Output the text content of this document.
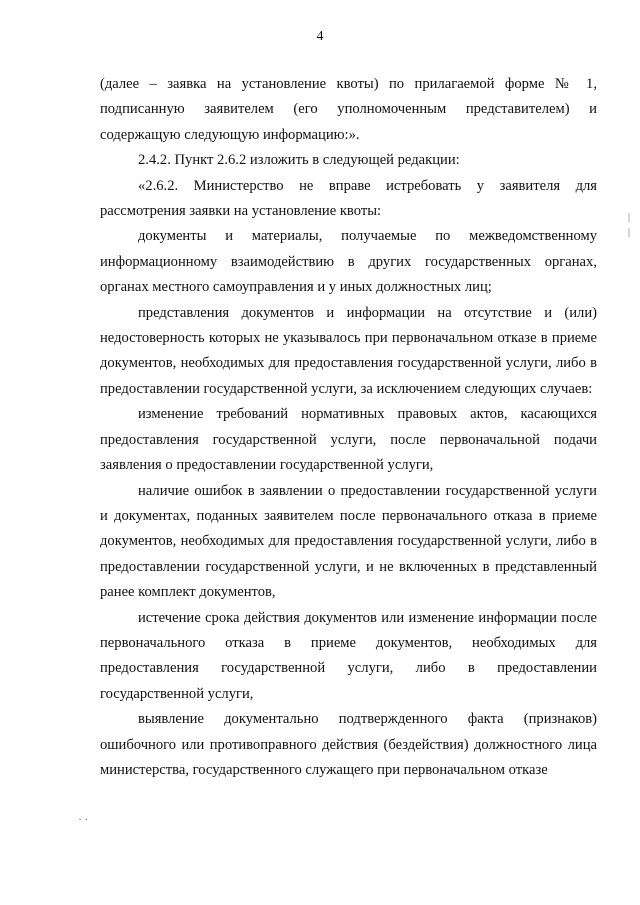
4

(далее – заявка на установление квоты) по прилагаемой форме № 1, подписанную заявителем (его уполномоченным представителем) и содержащую следующую информацию:».

2.4.2. Пункт 2.6.2 изложить в следующей редакции:

«2.6.2. Министерство не вправе истребовать у заявителя для рассмотрения заявки на установление квоты:

документы и материалы, получаемые по межведомственному информационному взаимодействию в других государственных органах, органах местного самоуправления и у иных должностных лиц;

представления документов и информации на отсутствие и (или) недостоверность которых не указывалось при первоначальном отказе в приеме документов, необходимых для предоставления государственной услуги, либо в предоставлении государственной услуги, за исключением следующих случаев:

изменение требований нормативных правовых актов, касающихся предоставления государственной услуги, после первоначальной подачи заявления о предоставлении государственной услуги,

наличие ошибок в заявлении о предоставлении государственной услуги и документах, поданных заявителем после первоначального отказа в приеме документов, необходимых для предоставления государственной услуги, либо в предоставлении государственной услуги, и не включенных в представленный ранее комплект документов,

истечение срока действия документов или изменение информации после первоначального отказа в приеме документов, необходимых для предоставления государственной услуги, либо в предоставлении государственной услуги,

выявление документально подтвержденного факта (признаков) ошибочного или противоправного действия (бездействия) должностного лица министерства, государственного служащего при первоначальном отказе

· ·
|
|
